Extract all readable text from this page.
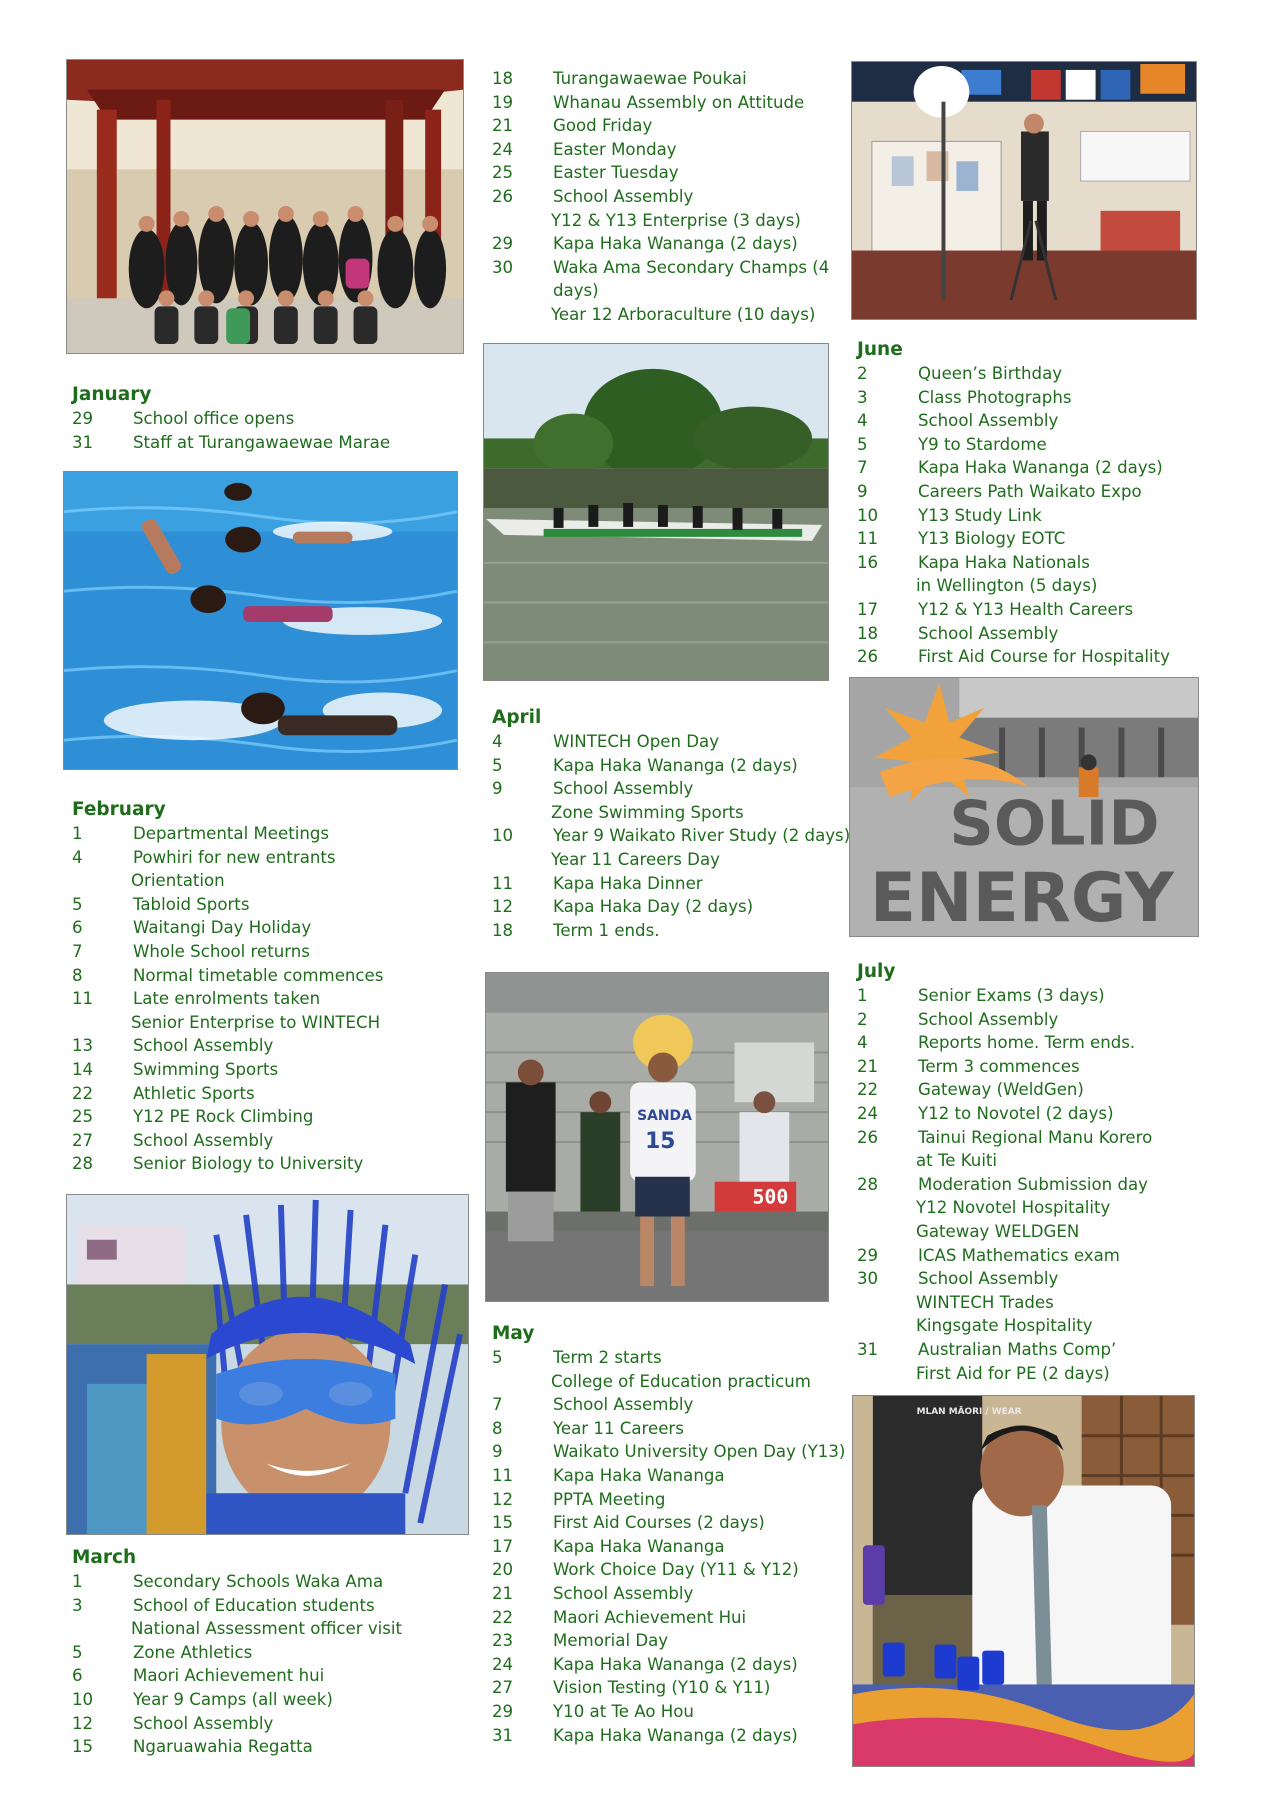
SOLID
ENERGY
SANDA
15
500
MLAN MĀORI / WEAR
January
29	School office opens
31	Staff at Turangawaewae Marae
February
1	Departmental Meetings
4	Powhiri for new entrants
Orientation
5	Tabloid Sports
6	Waitangi Day Holiday
7	Whole School returns
8	Normal timetable commences
11	Late enrolments taken
Senior Enterprise to WINTECH
13	School Assembly
14	Swimming Sports
22	Athletic Sports
25	Y12 PE Rock Climbing
27	School Assembly
28	Senior Biology to University
March
1	Secondary Schools Waka Ama
3	School of Education students
National Assessment officer visit
5	Zone Athletics
6	Maori Achievement hui
10	Year 9 Camps (all week)
12	School Assembly
15	Ngaruawahia Regatta
18	Turangawaewae Poukai
19	Whanau Assembly on Attitude
21	Good Friday
24	Easter Monday
25	Easter Tuesday
26	School Assembly
Y12 & Y13 Enterprise (3 days)
29	Kapa Haka Wananga (2 days)
30	Waka Ama Secondary Champs (4
days)
Year 12 Arboraculture (10 days)
April
4	WINTECH Open Day
5	Kapa Haka Wananga (2 days)
9	School Assembly
Zone Swimming Sports
10	Year 9 Waikato River Study (2 days)
Year 11 Careers Day
11	Kapa Haka Dinner
12	Kapa Haka Day (2 days)
18	Term 1 ends.
May
5	Term 2 starts
College of Education practicum
7	School Assembly
8	Year 11 Careers
9	Waikato University Open Day (Y13)
11	Kapa Haka Wananga
12	PPTA Meeting
15	First Aid Courses (2 days)
17	Kapa Haka Wananga
20	Work Choice Day (Y11 & Y12)
21	School Assembly
22	Maori Achievement Hui
23	Memorial Day
24	Kapa Haka Wananga (2 days)
27	Vision Testing (Y10 & Y11)
29	Y10 at Te Ao Hou
31	Kapa Haka Wananga (2 days)
June
2	Queen’s Birthday
3	Class Photographs
4	School Assembly
5	Y9 to Stardome
7	Kapa Haka Wananga (2 days)
9	Careers Path Waikato Expo
10	Y13 Study Link
11	Y13 Biology EOTC
16	Kapa Haka Nationals
in Wellington (5 days)
17	Y12 & Y13 Health Careers
18	School Assembly
26	First Aid Course for Hospitality
July
1	Senior Exams (3 days)
2	School Assembly
4	Reports home. Term ends.
21	Term 3 commences
22	Gateway (WeldGen)
24	Y12 to Novotel (2 days)
26	Tainui Regional Manu Korero
at Te Kuiti
28	Moderation Submission day
Y12 Novotel Hospitality
Gateway WELDGEN
29	ICAS Mathematics exam
30	School Assembly
WINTECH Trades
Kingsgate Hospitality
31	Australian Maths Comp’
First Aid for PE (2 days)
